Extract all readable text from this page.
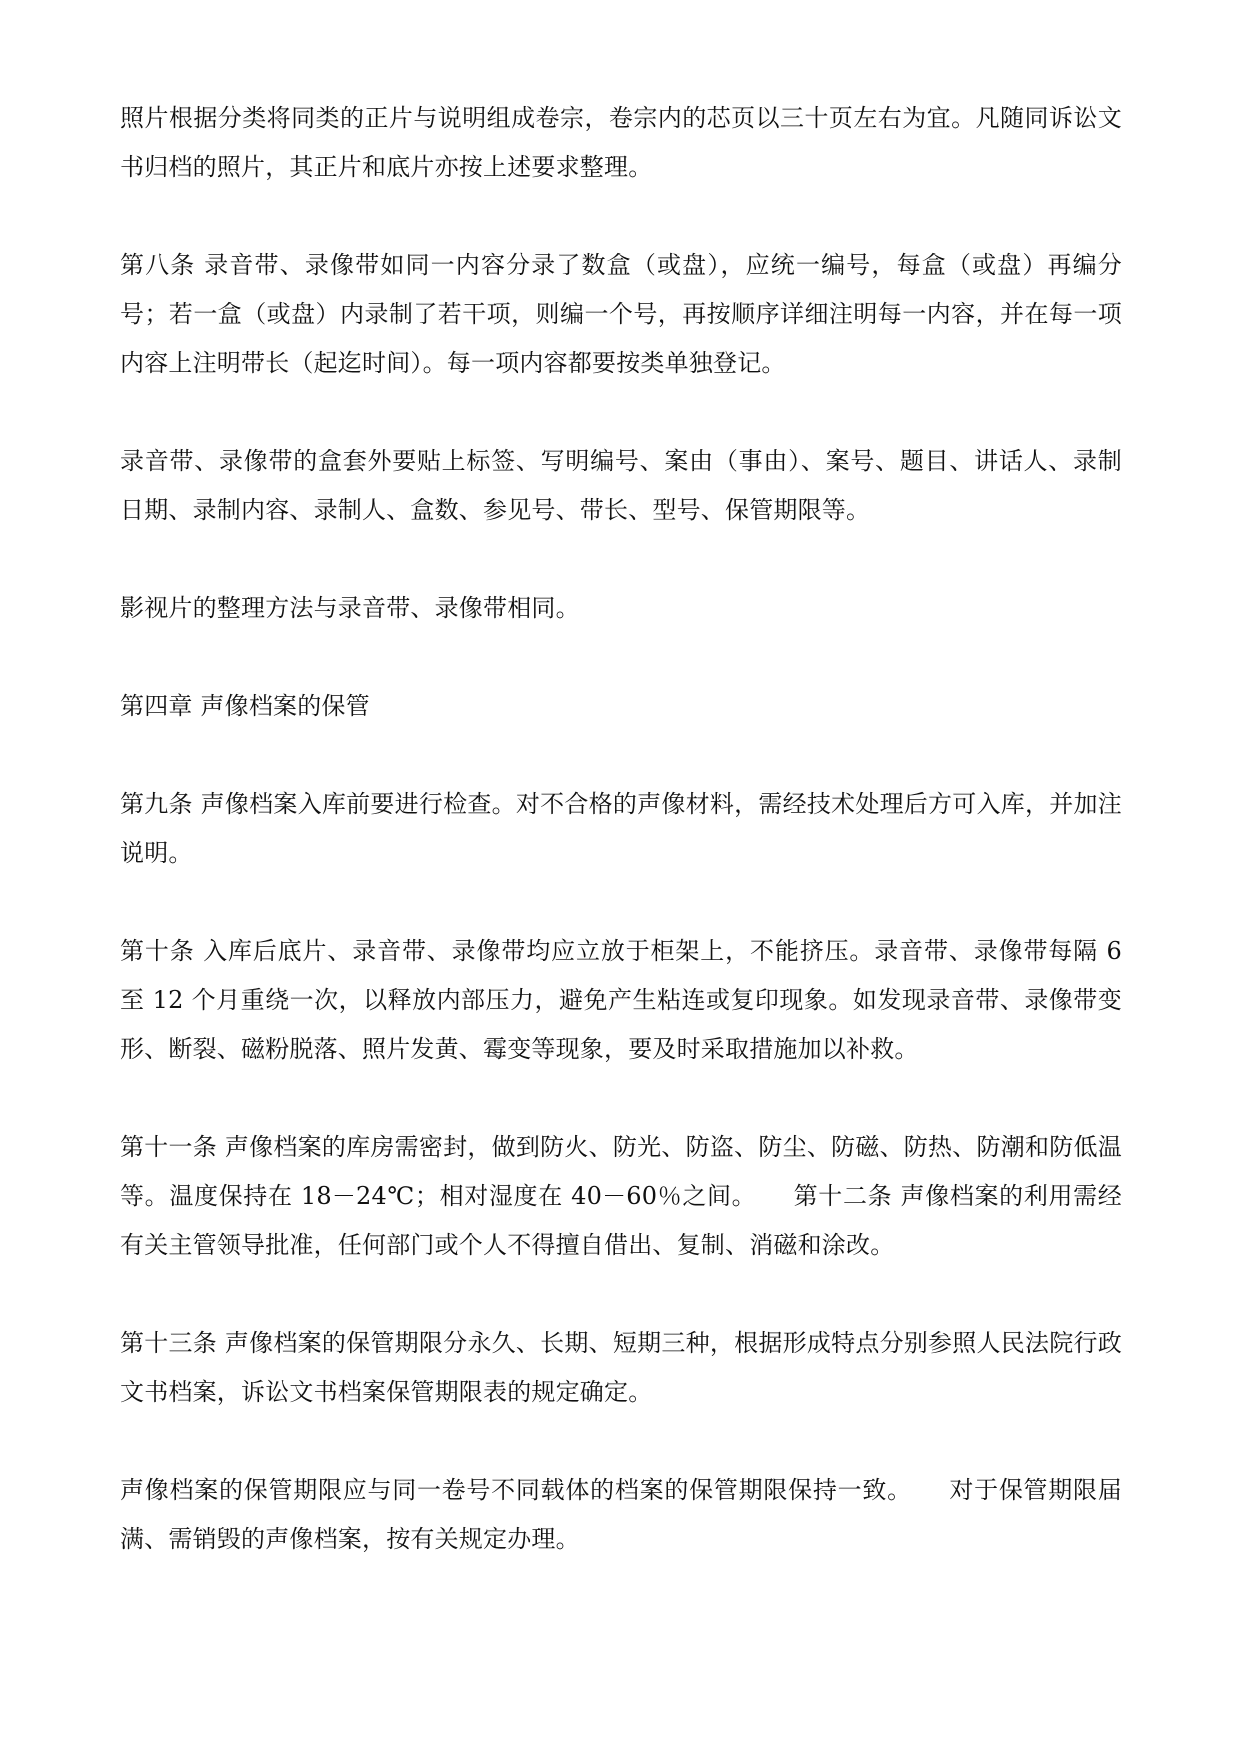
照片根据分类将同类的正片与说明组成卷宗，卷宗内的芯页以三十页左右为宜。凡随同诉讼文书归档的照片，其正片和底片亦按上述要求整理。

第八条 录音带、录像带如同一内容分录了数盒（或盘），应统一编号，每盒（或盘）再编分号；若一盒（或盘）内录制了若干项，则编一个号，再按顺序详细注明每一内容，并在每一项内容上注明带长（起迄时间）。每一项内容都要按类单独登记。

录音带、录像带的盒套外要贴上标签、写明编号、案由（事由）、案号、题目、讲话人、录制日期、录制内容、录制人、盒数、参见号、带长、型号、保管期限等。

影视片的整理方法与录音带、录像带相同。

第四章 声像档案的保管

第九条 声像档案入库前要进行检查。对不合格的声像材料，需经技术处理后方可入库，并加注说明。

第十条 入库后底片、录音带、录像带均应立放于柜架上，不能挤压。录音带、录像带每隔 6 至 12 个月重绕一次，以释放内部压力，避免产生粘连或复印现象。如发现录音带、录像带变形、断裂、磁粉脱落、照片发黄、霉变等现象，要及时采取措施加以补救。

第十一条 声像档案的库房需密封，做到防火、防光、防盗、防尘、防磁、防热、防潮和防低温等。温度保持在 18－24℃；相对湿度在 40－60％之间。　　第十二条 声像档案的利用需经有关主管领导批准，任何部门或个人不得擅自借出、复制、消磁和涂改。

第十三条 声像档案的保管期限分永久、长期、短期三种，根据形成特点分别参照人民法院行政文书档案，诉讼文书档案保管期限表的规定确定。

声像档案的保管期限应与同一卷号不同载体的档案的保管期限保持一致。　　对于保管期限届满、需销毁的声像档案，按有关规定办理。
